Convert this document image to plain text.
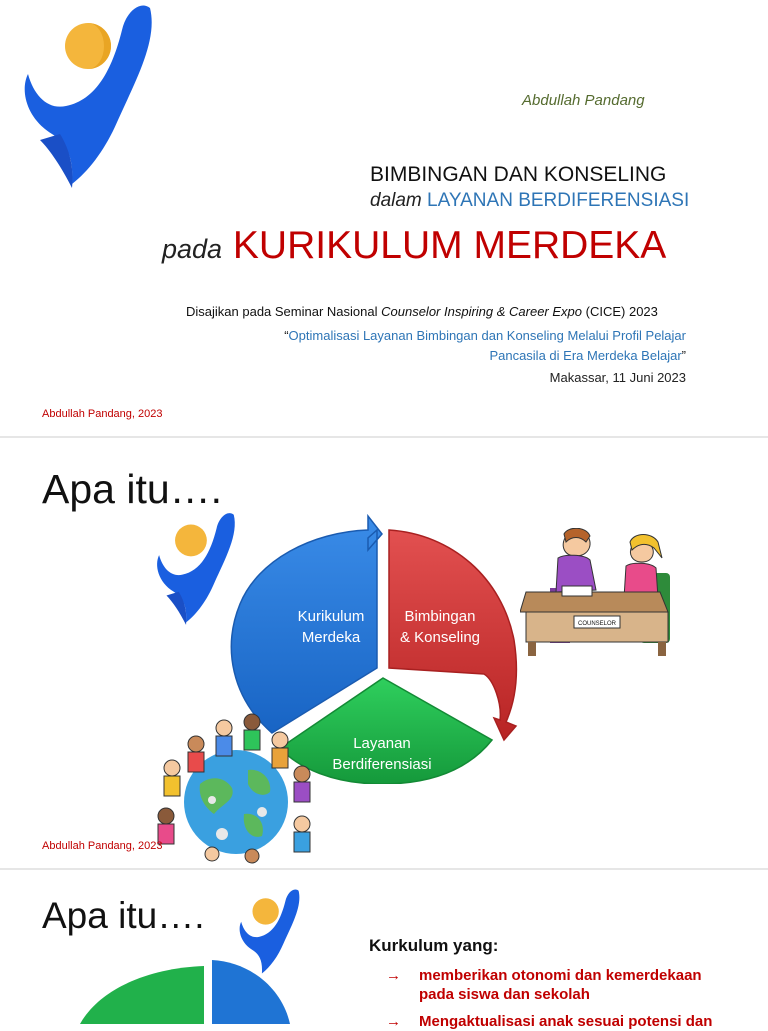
Abdullah Pandang
BIMBINGAN DAN KONSELING
dalam LAYANAN BERDIFERENSIASI
pada KURIKULUM MERDEKA
Disajikan pada Seminar Nasional Counselor Inspiring & Career Expo (CICE) 2023
“Optimalisasi Layanan Bimbingan dan Konseling Melalui Profil Pelajar
Pancasila di Era Merdeka Belajar”
Makassar, 11 Juni 2023
Abdullah Pandang, 2023
Apa itu….
Kurikulum
Merdeka
Bimbingan
& Konseling
Layanan
Berdiferensiasi
COUNSELOR
Abdullah Pandang, 2023
Apa itu….
Kurkulum yang:
→ memberikan otonomi dan kemerdekaan
pada siswa dan sekolah
→ Mengaktualisasi anak sesuai potensi dan
